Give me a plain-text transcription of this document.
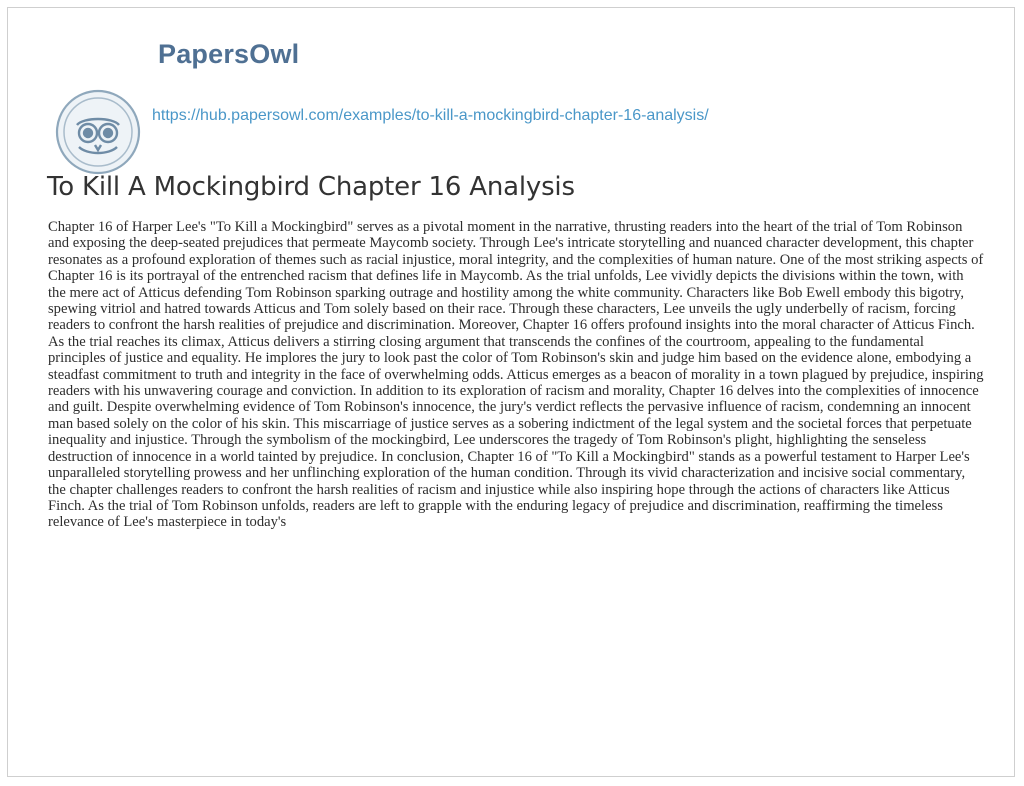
PapersOwl
https://hub.papersowl.com/examples/to-kill-a-mockingbird-chapter-16-analysis/
To Kill A Mockingbird Chapter 16 Analysis

Chapter 16 of Harper Lee's "To Kill a Mockingbird" serves as a pivotal moment in the narrative, thrusting readers into the heart of the trial of Tom Robinson and exposing the deep-seated prejudices that permeate Maycomb society. Through Lee's intricate storytelling and nuanced character development, this chapter resonates as a profound exploration of themes such as racial injustice, moral integrity, and the complexities of human nature. One of the most striking aspects of Chapter 16 is its portrayal of the entrenched racism that defines life in Maycomb. As the trial unfolds, Lee vividly depicts the divisions within the town, with the mere act of Atticus defending Tom Robinson sparking outrage and hostility among the white community. Characters like Bob Ewell embody this bigotry, spewing vitriol and hatred towards Atticus and Tom solely based on their race. Through these characters, Lee unveils the ugly underbelly of racism, forcing readers to confront the harsh realities of prejudice and discrimination. Moreover, Chapter 16 offers profound insights into the moral character of Atticus Finch. As the trial reaches its climax, Atticus delivers a stirring closing argument that transcends the confines of the courtroom, appealing to the fundamental principles of justice and equality. He implores the jury to look past the color of Tom Robinson's skin and judge him based on the evidence alone, embodying a steadfast commitment to truth and integrity in the face of overwhelming odds. Atticus emerges as a beacon of morality in a town plagued by prejudice, inspiring readers with his unwavering courage and conviction. In addition to its exploration of racism and morality, Chapter 16 delves into the complexities of innocence and guilt. Despite overwhelming evidence of Tom Robinson's innocence, the jury's verdict reflects the pervasive influence of racism, condemning an innocent man based solely on the color of his skin. This miscarriage of justice serves as a sobering indictment of the legal system and the societal forces that perpetuate inequality and injustice. Through the symbolism of the mockingbird, Lee underscores the tragedy of Tom Robinson's plight, highlighting the senseless destruction of innocence in a world tainted by prejudice. In conclusion, Chapter 16 of "To Kill a Mockingbird" stands as a powerful testament to Harper Lee's unparalleled storytelling prowess and her unflinching exploration of the human condition. Through its vivid characterization and incisive social commentary, the chapter challenges readers to confront the harsh realities of racism and injustice while also inspiring hope through the actions of characters like Atticus Finch. As the trial of Tom Robinson unfolds, readers are left to grapple with the enduring legacy of prejudice and discrimination, reaffirming the timeless relevance of Lee's masterpiece in today's
